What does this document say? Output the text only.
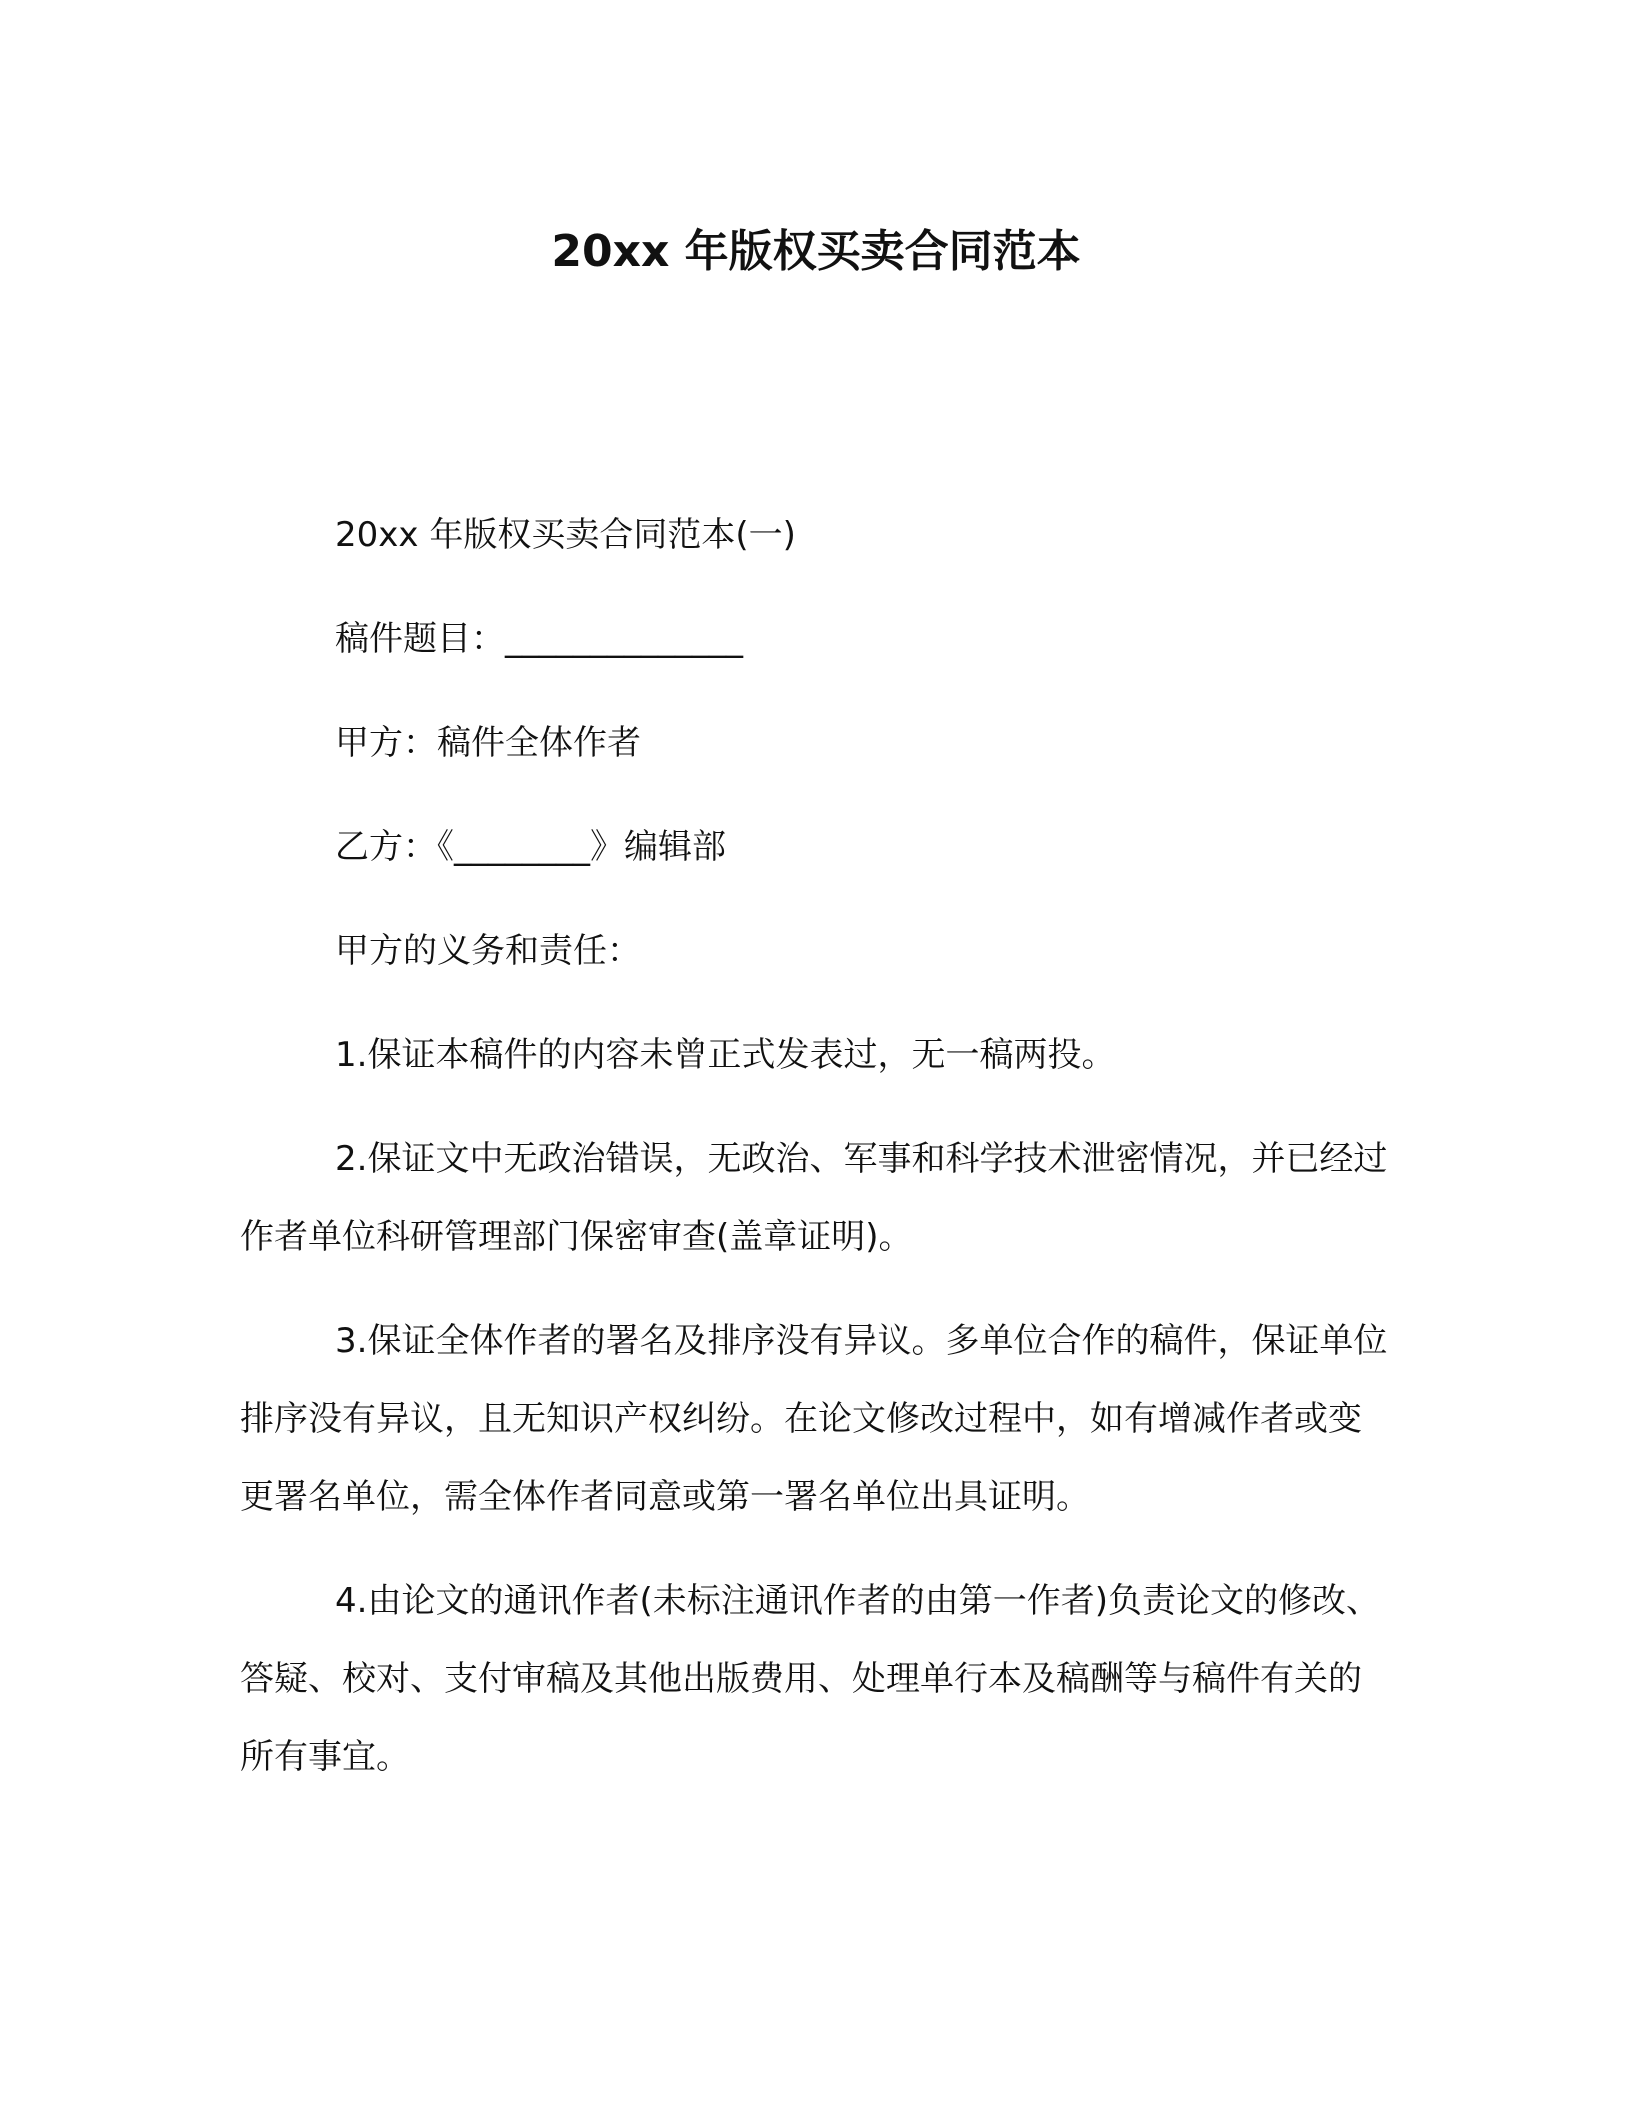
20xx 年版权买卖合同范本

20xx 年版权买卖合同范本(一)

稿件题目：______________

甲方：稿件全体作者

乙方：《________》编辑部

甲方的义务和责任：

1.保证本稿件的内容未曾正式发表过，无一稿两投。

2.保证文中无政治错误，无政治、军事和科学技术泄密情况，并已经过作者单位科研管理部门保密审查(盖章证明)。

3.保证全体作者的署名及排序没有异议。多单位合作的稿件，保证单位排序没有异议，且无知识产权纠纷。在论文修改过程中，如有增减作者或变更署名单位，需全体作者同意或第一署名单位出具证明。

4.由论文的通讯作者(未标注通讯作者的由第一作者)负责论文的修改、答疑、校对、支付审稿及其他出版费用、处理单行本及稿酬等与稿件有关的所有事宜。
